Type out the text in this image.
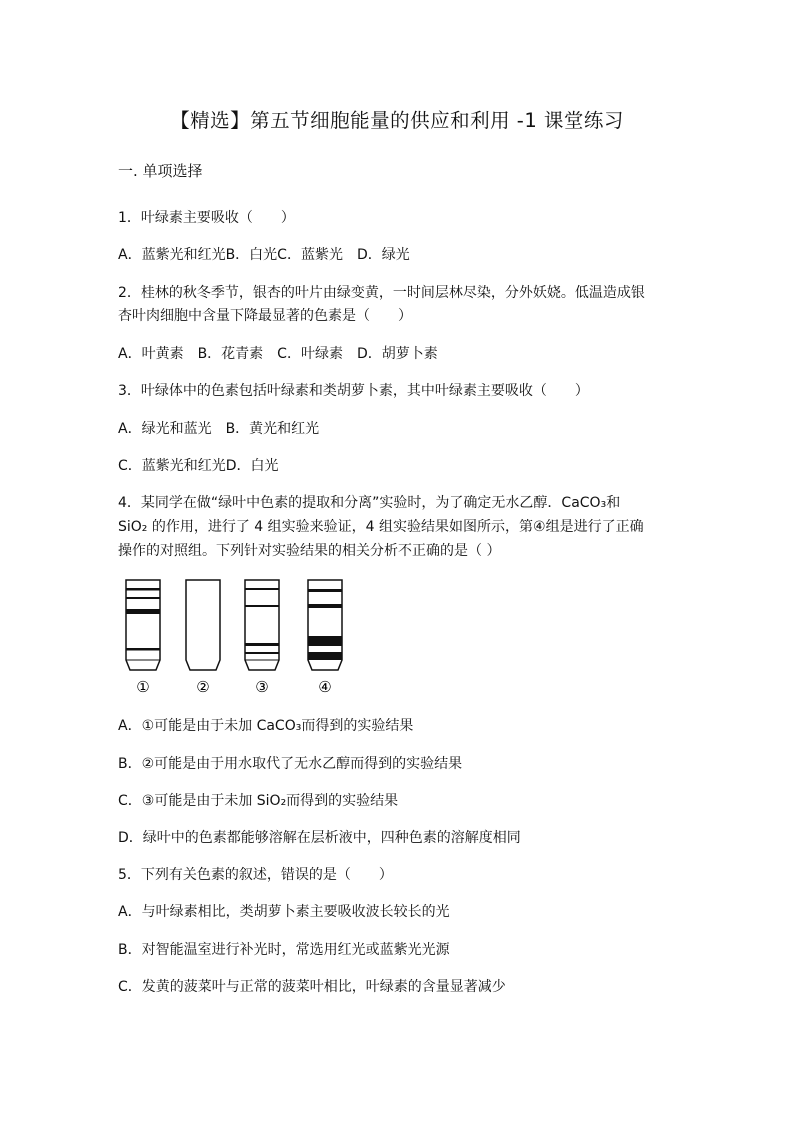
【精选】第五节细胞能量的供应和利用 -1 课堂练习
一. 单项选择
1．叶绿素主要吸收（　　）
A．蓝紫光和红光B．白光C．蓝紫光　D．绿光
2．桂林的秋冬季节，银杏的叶片由绿变黄，一时间层林尽染，分外妖娆。低温造成银
杏叶肉细胞中含量下降最显著的色素是（　　）
A．叶黄素　B．花青素　C．叶绿素　D．胡萝卜素
3．叶绿体中的色素包括叶绿素和类胡萝卜素，其中叶绿素主要吸收（　　）
A．绿光和蓝光　B．黄光和红光
C．蓝紫光和红光D．白光
4．某同学在做“绿叶中色素的提取和分离”实验时，为了确定无水乙醇．CaCO₃和
SiO₂ 的作用，进行了 4 组实验来验证，4 组实验结果如图所示，第④组是进行了正确
操作的对照组。下列针对实验结果的相关分析不正确的是（ ）
①	②	③	④
A．①可能是由于未加 CaCO₃而得到的实验结果
B．②可能是由于用水取代了无水乙醇而得到的实验结果
C．③可能是由于未加 SiO₂而得到的实验结果
D．绿叶中的色素都能够溶解在层析液中，四种色素的溶解度相同
5．下列有关色素的叙述，错误的是（　　）
A．与叶绿素相比，类胡萝卜素主要吸收波长较长的光
B．对智能温室进行补光时，常选用红光或蓝紫光光源
C．发黄的菠菜叶与正常的菠菜叶相比，叶绿素的含量显著减少
